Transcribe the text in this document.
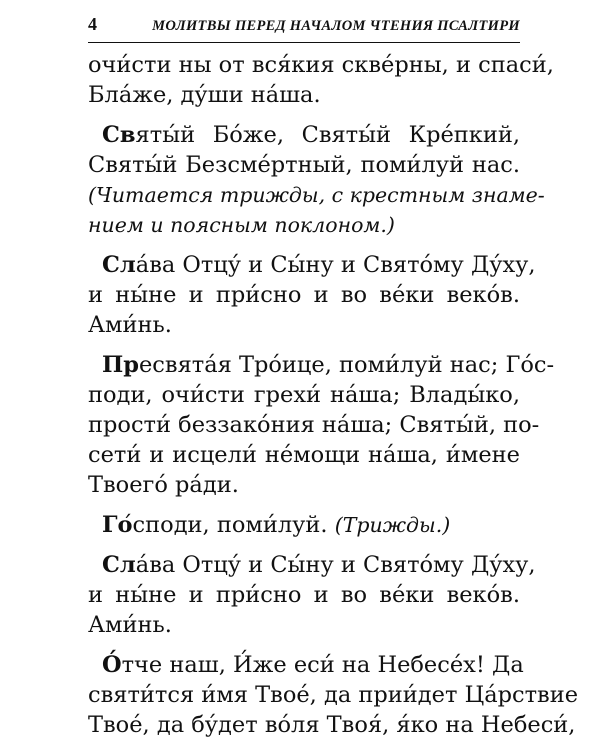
4	МОЛИТВЫ ПЕРЕД НАЧАЛОМ ЧТЕНИЯ ПСАЛТИРИ
очи́сти ны от вся́кия скве́рны, и спаси́,
Бла́же, ду́ши на́ша.
Святы́й Бо́же, Святы́й Кре́пкий,
Святы́й Безсме́ртный, поми́луй нас.
(Читается трижды, с крестным знаме-
нием и поясным поклоном.)
Сла́ва Отцу́ и Сы́ну и Свято́му Ду́ху,
и ны́не и при́сно и во ве́ки веко́в.
Ами́нь.
Пресвята́я Тро́ице, поми́луй нас; Го́с-
поди, очи́сти грехи́ на́ша; Влады́ко,
прости́ беззако́ния на́ша; Святы́й, по-
сети́ и исцели́ не́мощи на́ша, и́мене
Твоего́ ра́ди.
Го́споди, поми́луй. (Трижды.)
Сла́ва Отцу́ и Сы́ну и Свято́му Ду́ху,
и ны́не и при́сно и во ве́ки веко́в.
Ами́нь.
О́тче наш, И́же еси́ на Небесе́х! Да
святи́тся и́мя Твое́, да прии́дет Ца́рствие
Твое́, да бу́дет во́ля Твоя́, я́ко на Небеси́,
